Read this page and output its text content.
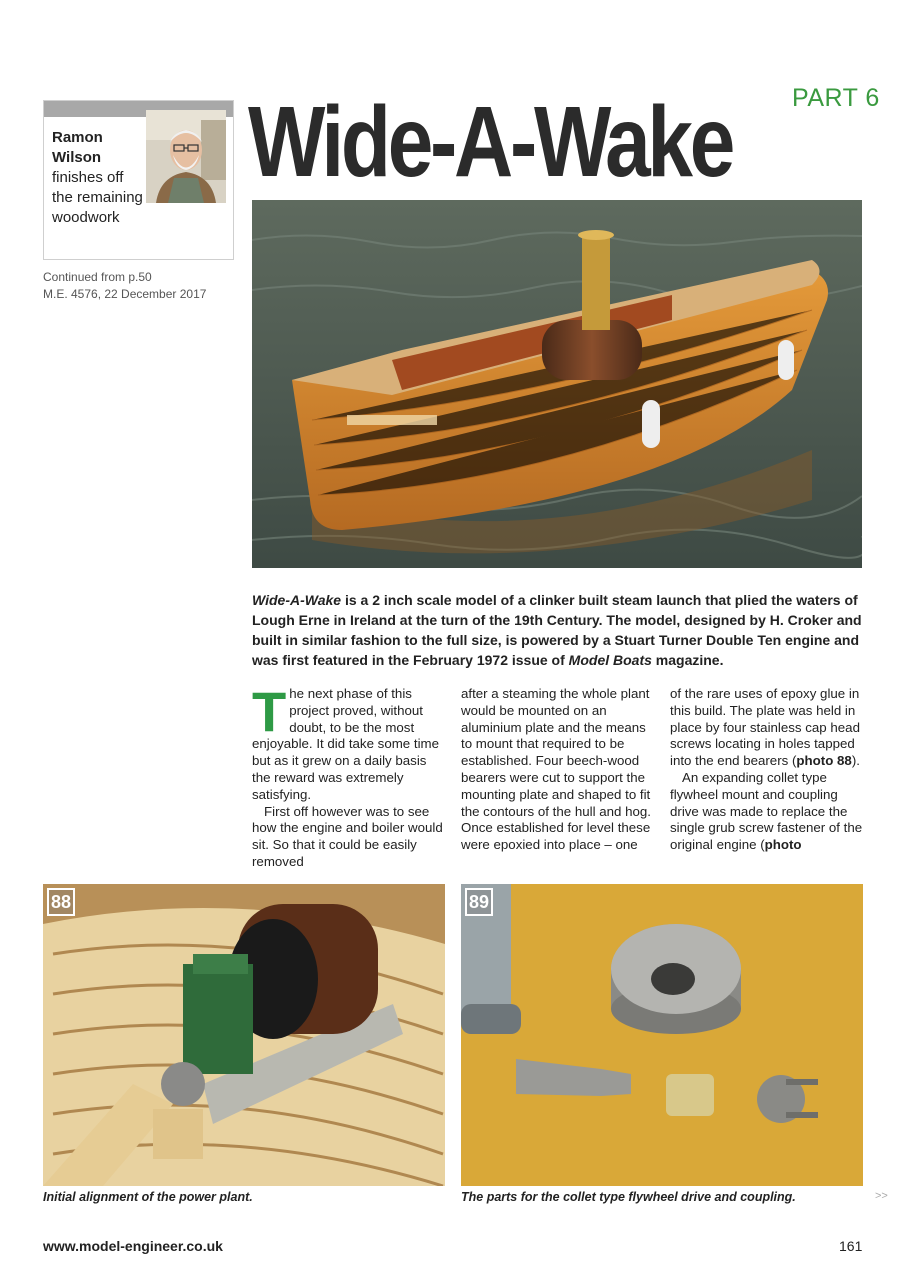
Ramon
Wilson
finishes off the remaining woodwork
Continued from p.50
M.E. 4576, 22 December 2017
PART 6
Wide-A-Wake
Wide-A-Wake is a 2 inch scale model of a clinker built steam launch that plied the waters of Lough Erne in Ireland at the turn of the 19th Century. The model, designed by H. Croker and built in similar fashion to the full size, is powered by a Stuart Turner Double Ten engine and was first featured in the February 1972 issue of Model Boats magazine.

The next phase of this project proved, without doubt, to be the most enjoyable. It did take some time but as it grew on a daily basis the reward was extremely satisfying.

First off however was to see how the engine and boiler would sit. So that it could be easily removed

after a steaming the whole plant would be mounted on an aluminium plate and the means to mount that required to be established. Four beech-wood bearers were cut to support the mounting plate and shaped to fit the contours of the hull and hog. Once established for level these were epoxied into place – one

of the rare uses of epoxy glue in this build. The plate was held in place by four stainless cap head screws locating in holes tapped into the end bearers (photo 88).

An expanding collet type flywheel mount and coupling drive was made to replace the single grub screw fastener of the original engine (photo

88	89
Initial alignment of the power plant.	The parts for the collet type flywheel drive and coupling.	>>
www.model-engineer.co.uk	161
